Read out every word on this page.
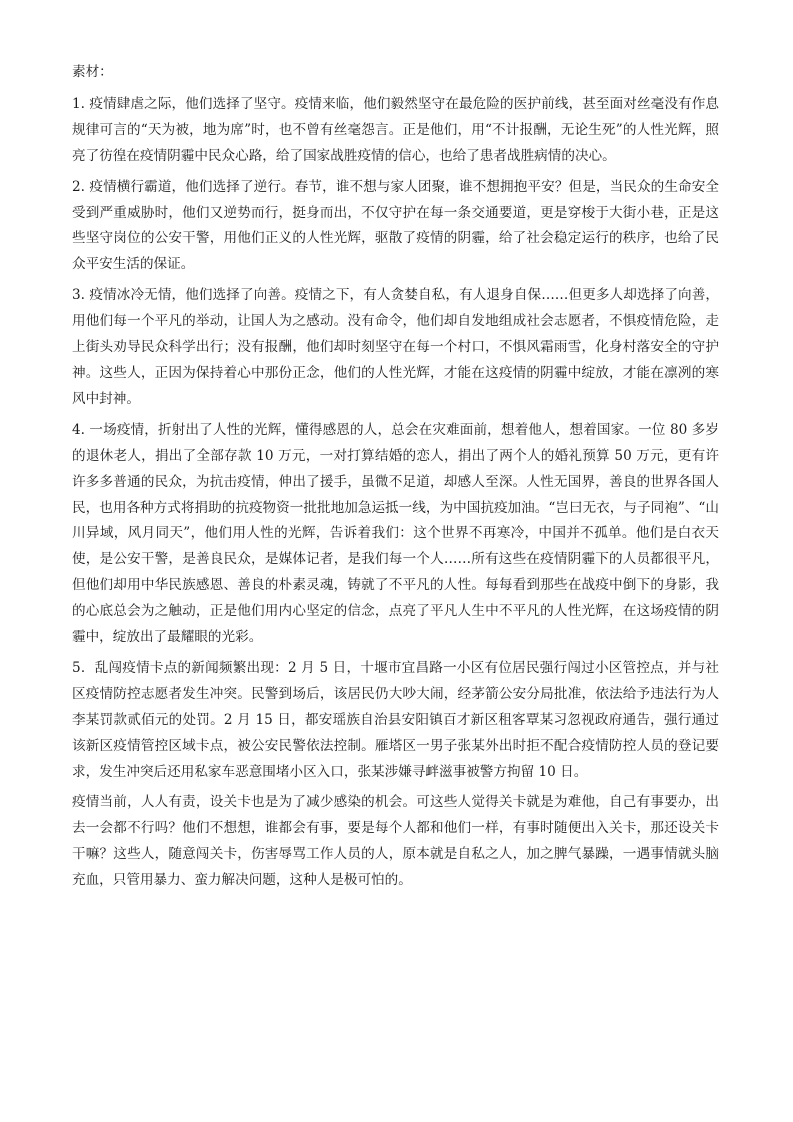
素材：

1. 疫情肆虐之际，他们选择了坚守。疫情来临，他们毅然坚守在最危险的医护前线，甚至面对丝毫没有作息规律可言的“天为被，地为席”时，也不曾有丝毫怨言。正是他们，用“不计报酬，无论生死”的人性光辉，照亮了彷徨在疫情阴霾中民众心路，给了国家战胜疫情的信心，也给了患者战胜病情的决心。

2. 疫情横行霸道，他们选择了逆行。春节，谁不想与家人团聚，谁不想拥抱平安？但是，当民众的生命安全受到严重威胁时，他们又逆势而行，挺身而出，不仅守护在每一条交通要道，更是穿梭于大街小巷，正是这些坚守岗位的公安干警，用他们正义的人性光辉，驱散了疫情的阴霾，给了社会稳定运行的秩序，也给了民众平安生活的保证。

3. 疫情冰冷无情，他们选择了向善。疫情之下，有人贪婪自私，有人退身自保……但更多人却选择了向善，用他们每一个平凡的举动，让国人为之感动。没有命令，他们却自发地组成社会志愿者，不惧疫情危险，走上街头劝导民众科学出行；没有报酬，他们却时刻坚守在每一个村口，不惧风霜雨雪，化身村落安全的守护神。这些人，正因为保持着心中那份正念，他们的人性光辉，才能在这疫情的阴霾中绽放，才能在凛冽的寒风中封神。

4. 一场疫情，折射出了人性的光辉，懂得感恩的人，总会在灾难面前，想着他人，想着国家。一位 80 多岁的退休老人，捐出了全部存款 10 万元，一对打算结婚的恋人，捐出了两个人的婚礼预算 50 万元，更有许许多多普通的民众，为抗击疫情，伸出了援手，虽微不足道，却感人至深。人性无国界，善良的世界各国人民，也用各种方式将捐助的抗疫物资一批批地加急运抵一线，为中国抗疫加油。“岂曰无衣，与子同袍”、“山川异域，风月同天”，他们用人性的光辉，告诉着我们：这个世界不再寒冷，中国并不孤单。他们是白衣天使，是公安干警，是善良民众，是媒体记者，是我们每一个人……所有这些在疫情阴霾下的人员都很平凡，但他们却用中华民族感恩、善良的朴素灵魂，铸就了不平凡的人性。每每看到那些在战疫中倒下的身影，我的心底总会为之触动，正是他们用内心坚定的信念，点亮了平凡人生中不平凡的人性光辉，在这场疫情的阴霾中，绽放出了最耀眼的光彩。

5．乱闯疫情卡点的新闻频繁出现：2 月 5 日，十堰市宜昌路一小区有位居民强行闯过小区管控点，并与社区疫情防控志愿者发生冲突。民警到场后，该居民仍大吵大闹，经茅箭公安分局批准，依法给予违法行为人李某罚款贰佰元的处罚。2 月 15 日，都安瑶族自治县安阳镇百才新区租客覃某习忽视政府通告，强行通过该新区疫情管控区域卡点，被公安民警依法控制。雁塔区一男子张某外出时拒不配合疫情防控人员的登记要求，发生冲突后还用私家车恶意围堵小区入口，张某涉嫌寻衅滋事被警方拘留 10 日。

疫情当前，人人有责，设关卡也是为了减少感染的机会。可这些人觉得关卡就是为难他，自己有事要办，出去一会都不行吗？他们不想想，谁都会有事，要是每个人都和他们一样，有事时随便出入关卡，那还设关卡干嘛？这些人，随意闯关卡，伤害辱骂工作人员的人，原本就是自私之人，加之脾气暴躁，一遇事情就头脑充血，只管用暴力、蛮力解决问题，这种人是极可怕的。
